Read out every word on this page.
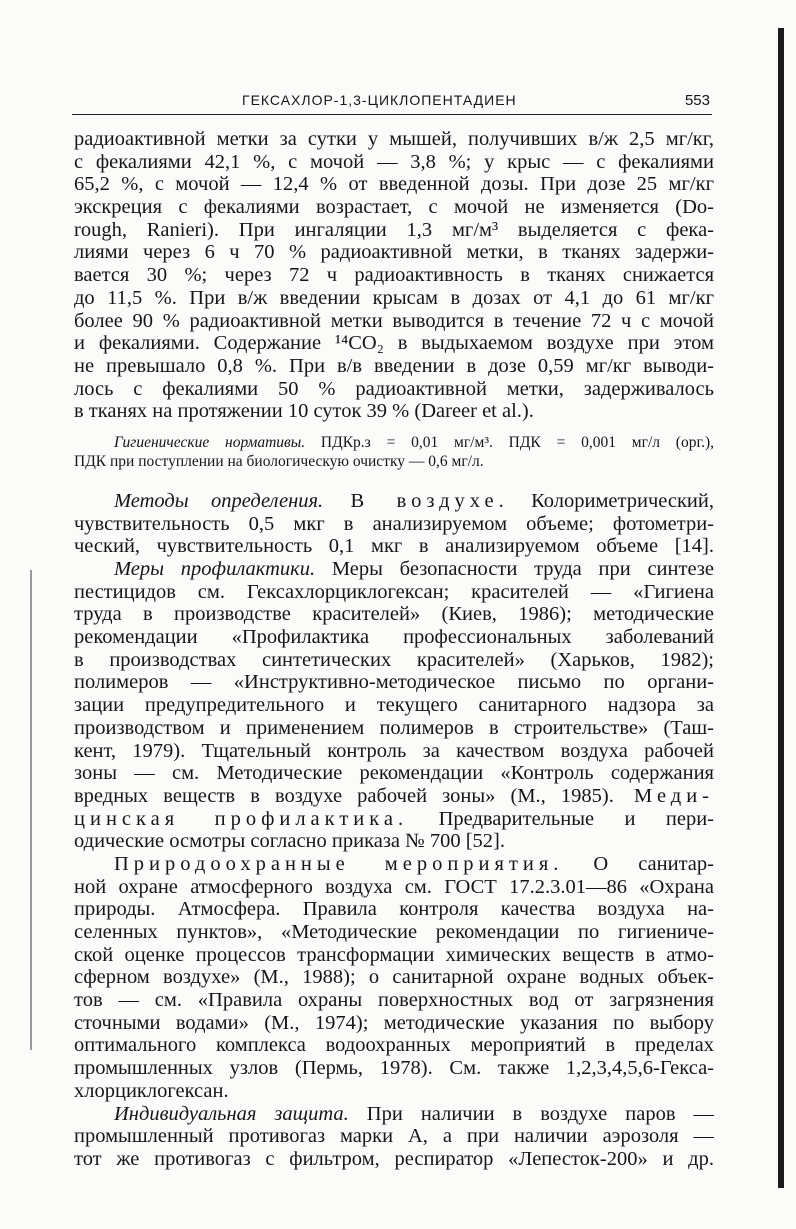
ГЕКСАХЛОР-1,3-ЦИКЛОПЕНТАДИЕН	553
радиоактивной метки за сутки у мышей, получивших в/ж 2,5 мг/кг,
с фекалиями 42,1 %, с мочой — 3,8 %; у крыс — с фекалиями
65,2 %, с мочой — 12,4 % от введенной дозы. При дозе 25 мг/кг
экскреция с фекалиями возрастает, с мочой не изменяется (Do-
rough, Ranieri). При ингаляции 1,3 мг/м³ выделяется с фека-
лиями через 6 ч 70 % радиоактивной метки, в тканях задержи-
вается 30 %; через 72 ч радиоактивность в тканях снижается
до 11,5 %. При в/ж введении крысам в дозах от 4,1 до 61 мг/кг
более 90 % радиоактивной метки выводится в течение 72 ч с мочой
и фекалиями. Содержание ¹⁴CO₂ в выдыхаемом воздухе при этом
не превышало 0,8 %. При в/в введении в дозе 0,59 мг/кг выводи-
лось с фекалиями 50 % радиоактивной метки, задерживалось
в тканях на протяжении 10 суток 39 % (Dareer et al.).
Гигиенические нормативы. ПДКр.з = 0,01 мг/м³. ПДК = 0,001 мг/л (орг.),
ПДК при поступлении на биологическую очистку — 0,6 мг/л.
Методы определения. В воздухе. Колориметрический,
чувствительность 0,5 мкг в анализируемом объеме; фотометри-
ческий, чувствительность 0,1 мкг в анализируемом объеме [14].
Меры профилактики. Меры безопасности труда при синтезе
пестицидов см. Гексахлорциклогексан; красителей — «Гигиена
труда в производстве красителей» (Киев, 1986); методические
рекомендации «Профилактика профессиональных заболеваний
в производствах синтетических красителей» (Харьков, 1982);
полимеров — «Инструктивно-методическое письмо по органи-
зации предупредительного и текущего санитарного надзора за
производством и применением полимеров в строительстве» (Таш-
кент, 1979). Тщательный контроль за качеством воздуха рабочей
зоны — см. Методические рекомендации «Контроль содержания
вредных веществ в воздухе рабочей зоны» (М., 1985). Меди-
цинская профилактика. Предварительные и пери-
одические осмотры согласно приказа № 700 [52].
Природоохранные мероприятия. О санитар-
ной охране атмосферного воздуха см. ГОСТ 17.2.3.01—86 «Охрана
природы. Атмосфера. Правила контроля качества воздуха на-
селенных пунктов», «Методические рекомендации по гигиениче-
ской оценке процессов трансформации химических веществ в атмо-
сферном воздухе» (М., 1988); о санитарной охране водных объек-
тов — см. «Правила охраны поверхностных вод от загрязнения
сточными водами» (М., 1974); методические указания по выбору
оптимального комплекса водоохранных мероприятий в пределах
промышленных узлов (Пермь, 1978). См. также 1,2,3,4,5,6-Гекса-
хлорциклогексан.
Индивидуальная защита. При наличии в воздухе паров —
промышленный противогаз марки А, а при наличии аэрозоля —
тот же противогаз с фильтром, респиратор «Лепесток-200» и др.
